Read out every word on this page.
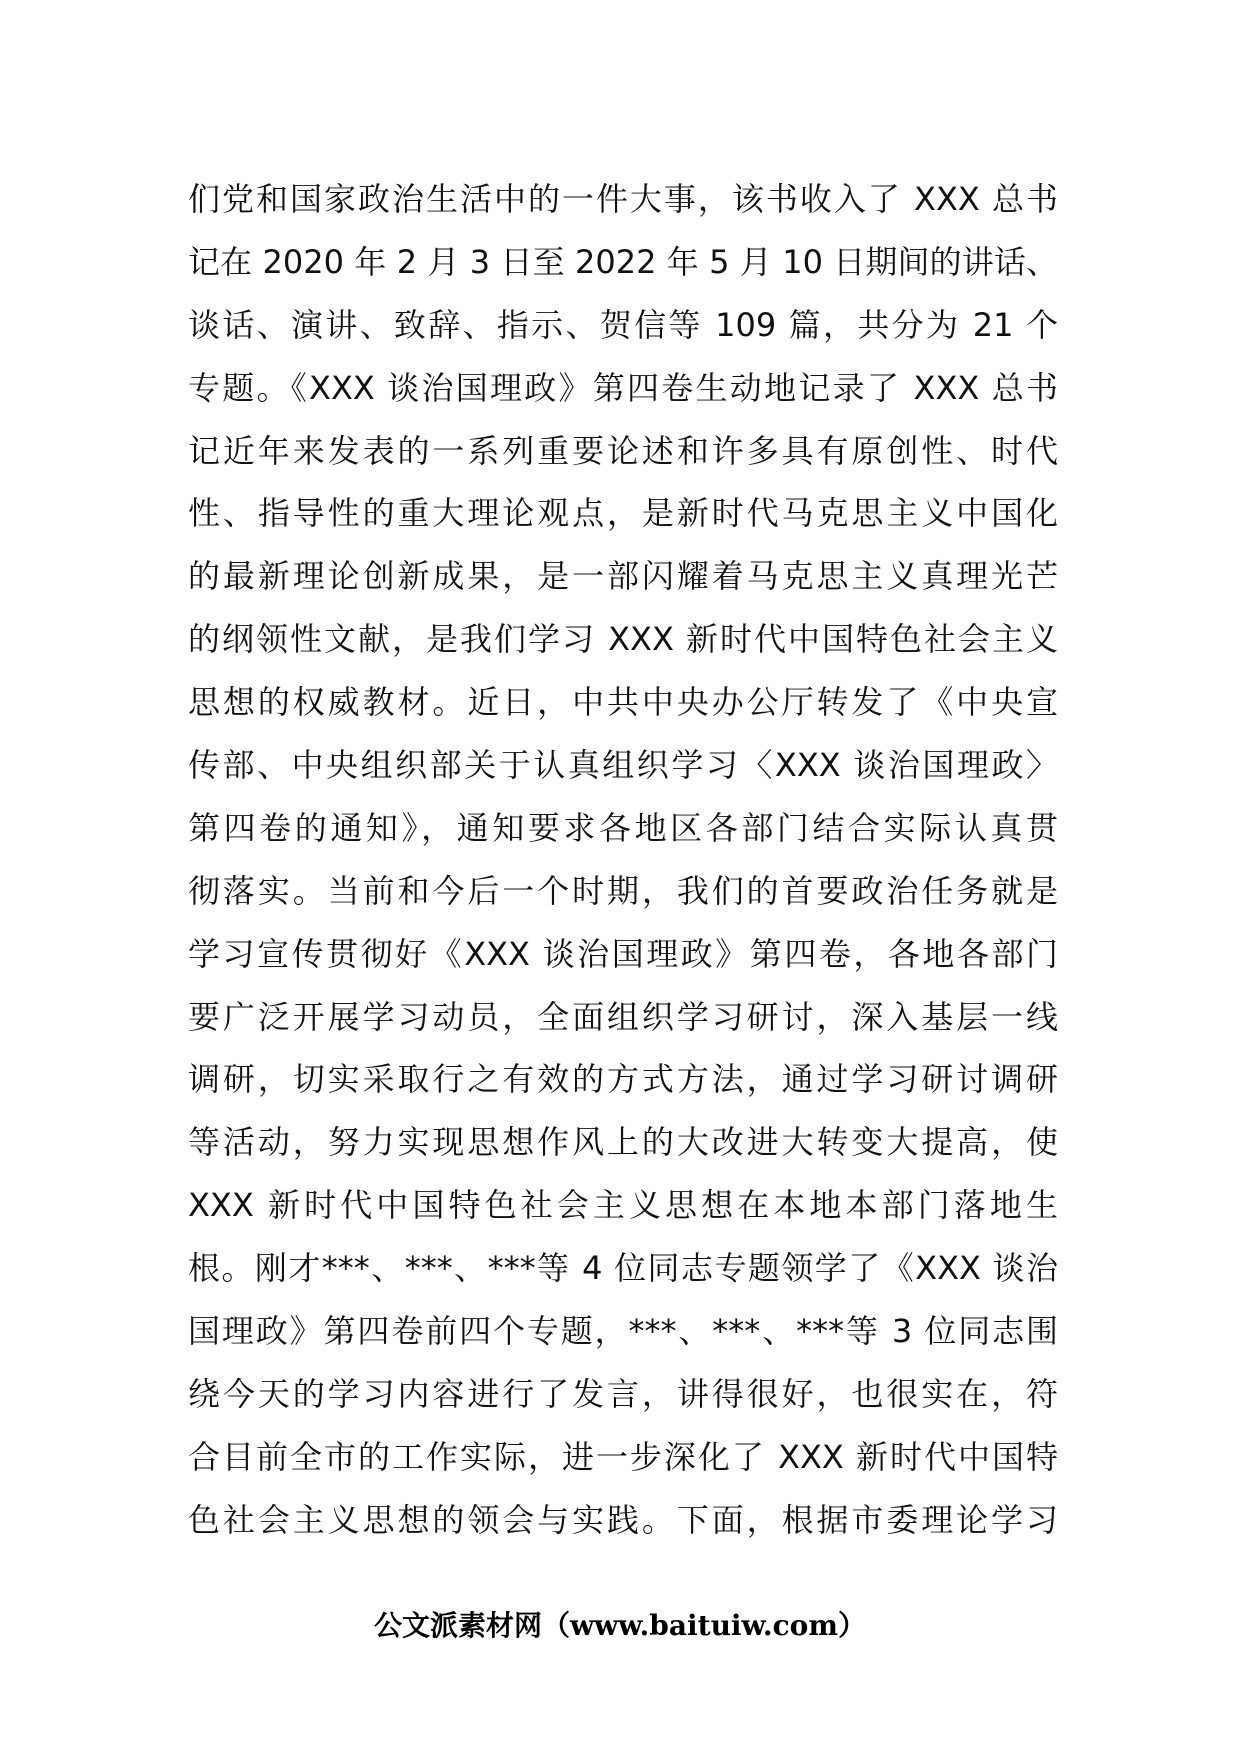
们党和国家政治生活中的一件大事，该书收入了 XXX 总书
记在 2020 年 2 月 3 日至 2022 年 5 月 10 日期间的讲话、
谈话、演讲、致辞、指示、贺信等 109 篇，共分为 21 个
专题。《XXX 谈治国理政》第四卷生动地记录了 XXX 总书
记近年来发表的一系列重要论述和许多具有原创性、时代
性、指导性的重大理论观点，是新时代马克思主义中国化
的最新理论创新成果，是一部闪耀着马克思主义真理光芒
的纲领性文献，是我们学习 XXX 新时代中国特色社会主义
思想的权威教材。近日，中共中央办公厅转发了《中央宣
传部、中央组织部关于认真组织学习〈XXX 谈治国理政〉
第四卷的通知》，通知要求各地区各部门结合实际认真贯
彻落实。当前和今后一个时期，我们的首要政治任务就是
学习宣传贯彻好《XXX 谈治国理政》第四卷，各地各部门
要广泛开展学习动员，全面组织学习研讨，深入基层一线
调研，切实采取行之有效的方式方法，通过学习研讨调研
等活动，努力实现思想作风上的大改进大转变大提高，使
XXX 新时代中国特色社会主义思想在本地本部门落地生
根。刚才***、***、***等 4 位同志专题领学了《XXX 谈治
国理政》第四卷前四个专题，***、***、***等 3 位同志围
绕今天的学习内容进行了发言，讲得很好，也很实在，符
合目前全市的工作实际，进一步深化了 XXX 新时代中国特
色社会主义思想的领会与实践。下面，根据市委理论学习
公文派素材网（www.baituiw.com）
